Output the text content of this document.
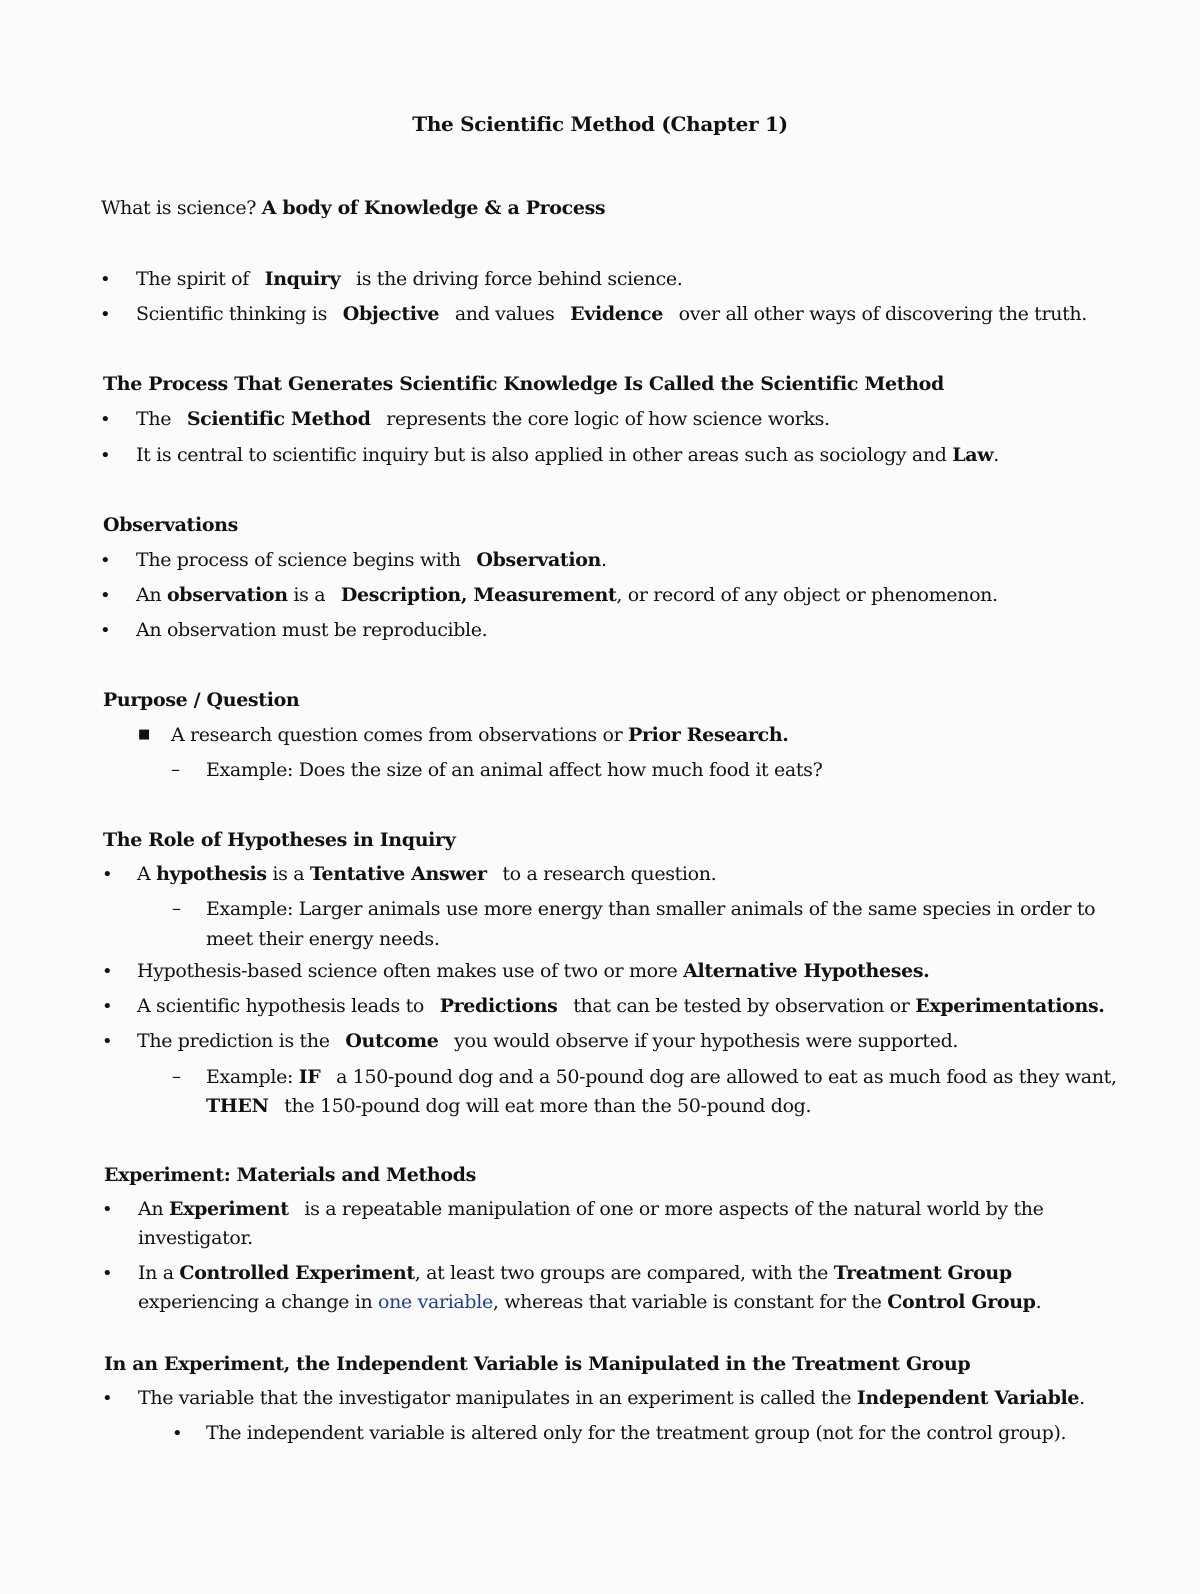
The Scientific Method (Chapter 1)
What is science? A body of Knowledge & a Process
• The spirit of Inquiry is the driving force behind science.
• Scientific thinking is Objective and values Evidence over all other ways of discovering the truth.
The Process That Generates Scientific Knowledge Is Called the Scientific Method
• The Scientific Method represents the core logic of how science works.
• It is central to scientific inquiry but is also applied in other areas such as sociology and Law.
Observations
• The process of science begins with Observation.
• An observation is a Description, Measurement, or record of any object or phenomenon.
• An observation must be reproducible.
Purpose / Question
■ A research question comes from observations or Prior Research.
– Example: Does the size of an animal affect how much food it eats?
The Role of Hypotheses in Inquiry
• A hypothesis is a Tentative Answer to a research question.
– Example: Larger animals use more energy than smaller animals of the same species in order to
meet their energy needs.
• Hypothesis-based science often makes use of two or more Alternative Hypotheses.
• A scientific hypothesis leads to Predictions that can be tested by observation or Experimentations.
• The prediction is the Outcome you would observe if your hypothesis were supported.
– Example: IF a 150-pound dog and a 50-pound dog are allowed to eat as much food as they want,
THEN the 150-pound dog will eat more than the 50-pound dog.
Experiment: Materials and Methods
• An Experiment is a repeatable manipulation of one or more aspects of the natural world by the
investigator.
• In a Controlled Experiment, at least two groups are compared, with the Treatment Group
experiencing a change in one variable, whereas that variable is constant for the Control Group.
In an Experiment, the Independent Variable is Manipulated in the Treatment Group
• The variable that the investigator manipulates in an experiment is called the Independent Variable.
• The independent variable is altered only for the treatment group (not for the control group).
